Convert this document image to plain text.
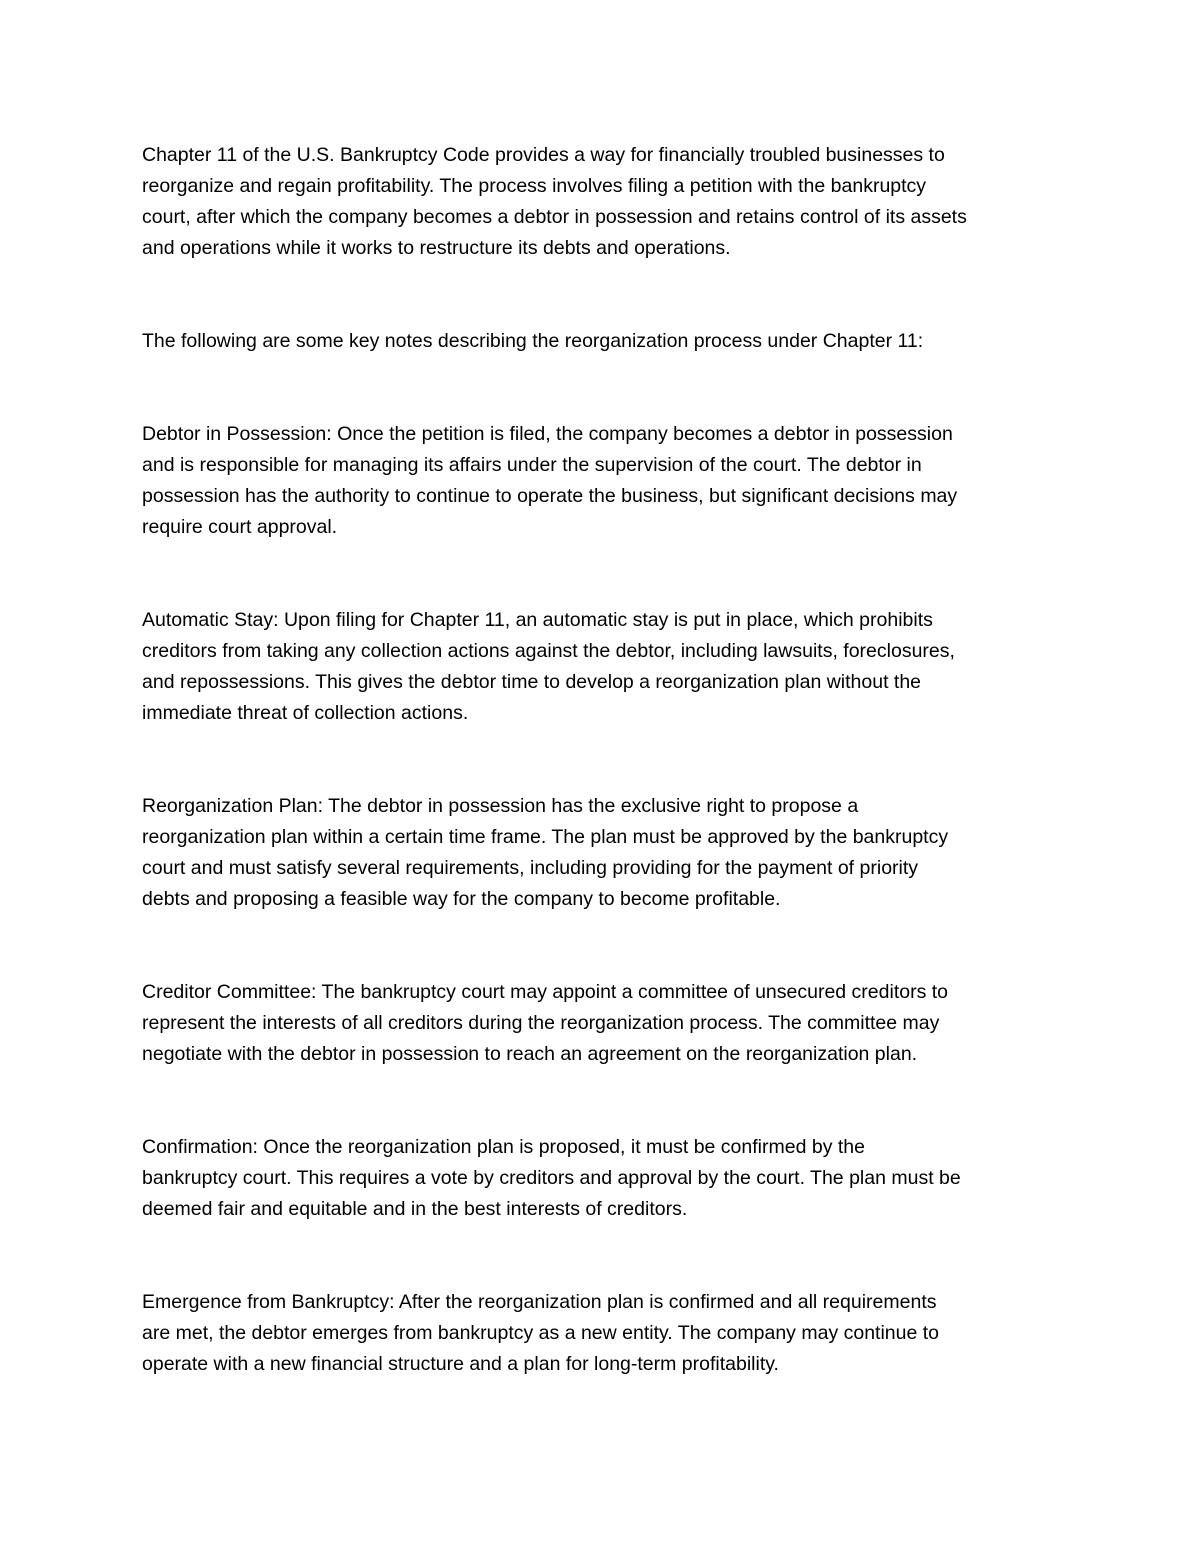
Chapter 11 of the U.S. Bankruptcy Code provides a way for financially troubled businesses to
reorganize and regain profitability. The process involves filing a petition with the bankruptcy
court, after which the company becomes a debtor in possession and retains control of its assets
and operations while it works to restructure its debts and operations.

The following are some key notes describing the reorganization process under Chapter 11:

Debtor in Possession: Once the petition is filed, the company becomes a debtor in possession
and is responsible for managing its affairs under the supervision of the court. The debtor in
possession has the authority to continue to operate the business, but significant decisions may
require court approval.

Automatic Stay: Upon filing for Chapter 11, an automatic stay is put in place, which prohibits
creditors from taking any collection actions against the debtor, including lawsuits, foreclosures,
and repossessions. This gives the debtor time to develop a reorganization plan without the
immediate threat of collection actions.

Reorganization Plan: The debtor in possession has the exclusive right to propose a
reorganization plan within a certain time frame. The plan must be approved by the bankruptcy
court and must satisfy several requirements, including providing for the payment of priority
debts and proposing a feasible way for the company to become profitable.

Creditor Committee: The bankruptcy court may appoint a committee of unsecured creditors to
represent the interests of all creditors during the reorganization process. The committee may
negotiate with the debtor in possession to reach an agreement on the reorganization plan.

Confirmation: Once the reorganization plan is proposed, it must be confirmed by the
bankruptcy court. This requires a vote by creditors and approval by the court. The plan must be
deemed fair and equitable and in the best interests of creditors.

Emergence from Bankruptcy: After the reorganization plan is confirmed and all requirements
are met, the debtor emerges from bankruptcy as a new entity. The company may continue to
operate with a new financial structure and a plan for long-term profitability.
